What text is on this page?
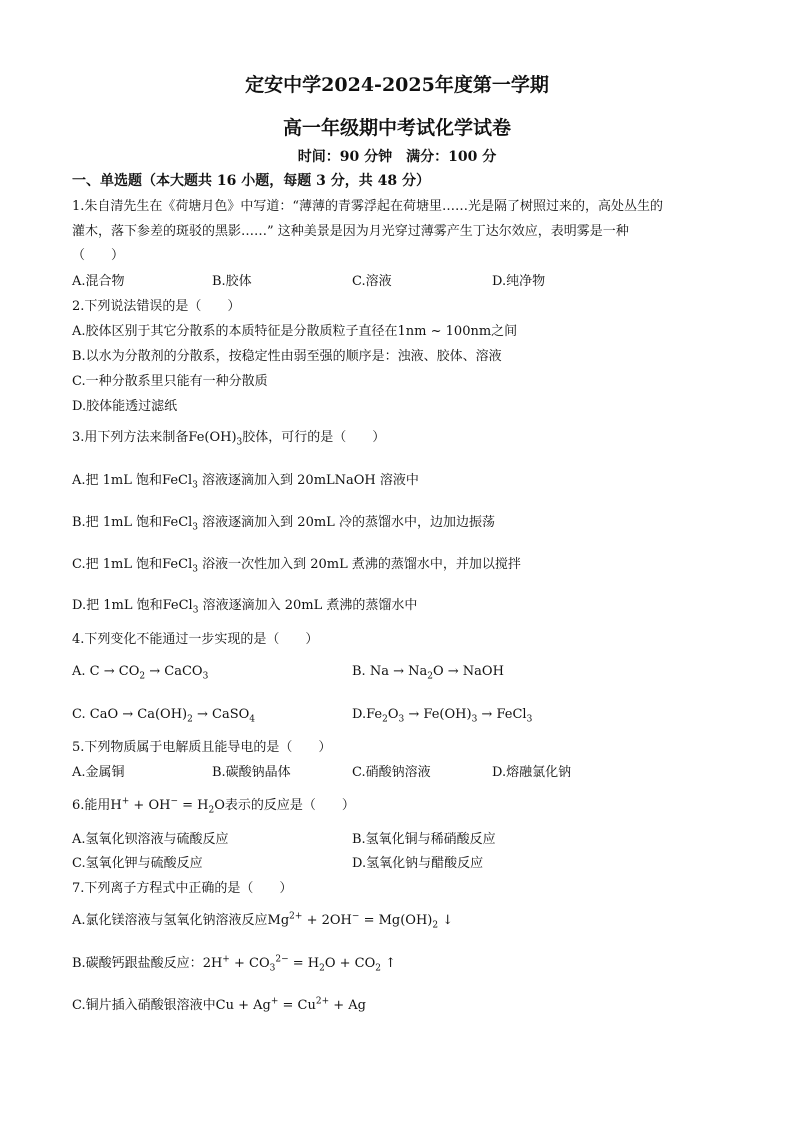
定安中学2024-2025年度第一学期
高一年级期中考试化学试卷
时间：90 分钟　满分：100 分
一、单选题（本大题共 16 小题，每题 3 分，共 48 分）
1.朱自清先生在《荷塘月色》中写道：“薄薄的青雾浮起在荷塘里……光是隔了树照过来的，高处丛生的
灌木，落下参差的斑驳的黑影……” 这种美景是因为月光穿过薄雾产生丁达尔效应，表明雾是一种
（　　）
A.混合物	B.胶体	C.溶液	D.纯净物
2.下列说法错误的是（　　）
A.胶体区别于其它分散系的本质特征是分散质粒子直径在1nm ~ 100nm之间
B.以水为分散剂的分散系，按稳定性由弱至强的顺序是：浊液、胶体、溶液
C.一种分散系里只能有一种分散质
D.胶体能透过滤纸
3.用下列方法来制备$Fe(OH)_3$胶体，可行的是（　　）
A.把 1mL 饱和FeCl$_3$ 溶液逐滴加入到 20mLNaOH 溶液中
B.把 1mL 饱和FeCl$_3$ 溶液逐滴加入到 20mL 冷的蒸馏水中，边加边振荡
C.把 1mL 饱和FeCl$_3$ 浴液一次性加入到 20mL 煮沸的蒸馏水中，并加以搅拌
D.把 1mL 饱和FeCl$_3$ 溶液逐滴加入 20mL 煮沸的蒸馏水中
4.下列变化不能通过一步实现的是（　　）
A. $C \to CO_2$ → CaCO$_3$	B. $Na \to Na_2O$ → NaOH
C. CaO → $Ca(OH)_2$ → CaSO$_4$	$D.Fe_2O_3 \to Fe(OH)_3$ → FeCl$_3$
5.下列物质属于电解质且能导电的是（　　）
A.金属铜	B.碳酸钠晶体	C.硝酸钠溶液	D.熔融氯化钠
6.能用$H^+ + OH^- = H_2O$表示的反应是（　　）
A.氢氧化钡溶液与硫酸反应	B.氢氧化铜与稀硝酸反应
C.氢氧化钾与硫酸反应	D.氢氧化钠与醋酸反应
7.下列离子方程式中正确的是（　　）
A.氯化镁溶液与氢氧化钠溶液反应$Mg^{2+} + 2OH^- = Mg(OH)_2$ ↓
B.碳酸钙跟盐酸反应：$2H^+ + CO_3^{2-} = H_2O + CO_2$ ↑
C.铜片插入硝酸银溶液中$Cu + Ag^+ = Cu^{2+} + Ag$
